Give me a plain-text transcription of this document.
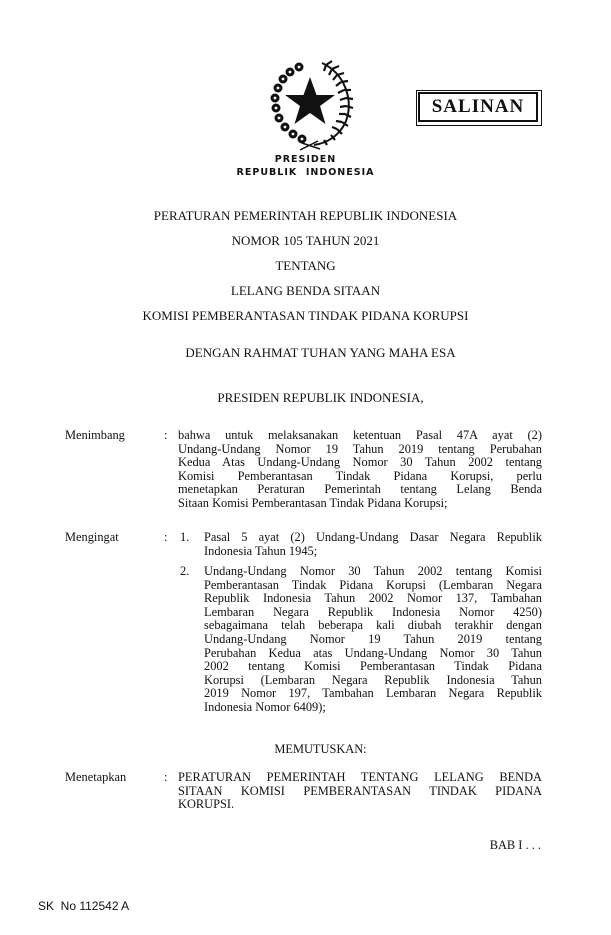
SALINAN
PRESIDEN
REPUBLIK  INDONESIA
PERATURAN PEMERINTAH REPUBLIK INDONESIA
NOMOR 105 TAHUN 2021
TENTANG
LELANG BENDA SITAAN
KOMISI PEMBERANTASAN TINDAK PIDANA KORUPSI
DENGAN RAHMAT TUHAN YANG MAHA ESA
PRESIDEN REPUBLIK INDONESIA,
Menimbang	: bahwa untuk melaksanakan ketentuan Pasal 47A ayat (2)
Undang-Undang Nomor 19 Tahun 2019 tentang Perubahan
Kedua Atas Undang-Undang Nomor 30 Tahun 2002 tentang
Komisi Pemberantasan Tindak Pidana Korupsi, perlu
menetapkan Peraturan Pemerintah tentang Lelang Benda
Sitaan Komisi Pemberantasan Tindak Pidana Korupsi;
Mengingat	: 1. Pasal 5 ayat (2) Undang-Undang Dasar Negara Republik
Indonesia Tahun 1945;
2. Undang-Undang Nomor 30 Tahun 2002 tentang Komisi
Pemberantasan Tindak Pidana Korupsi (Lembaran Negara
Republik Indonesia Tahun 2002 Nomor 137, Tambahan
Lembaran Negara Republik Indonesia Nomor 4250)
sebagaimana telah beberapa kali diubah terakhir dengan
Undang-Undang Nomor 19 Tahun 2019 tentang
Perubahan Kedua atas Undang-Undang Nomor 30 Tahun
2002 tentang Komisi Pemberantasan Tindak Pidana
Korupsi (Lembaran Negara Republik Indonesia Tahun
2019 Nomor 197, Tambahan Lembaran Negara Republik
Indonesia Nomor 6409);
MEMUTUSKAN:
Menetapkan	: PERATURAN PEMERINTAH TENTANG LELANG BENDA
SITAAN KOMISI PEMBERANTASAN TINDAK PIDANA
KORUPSI.
BAB I . . .
SK  No 112542 A
